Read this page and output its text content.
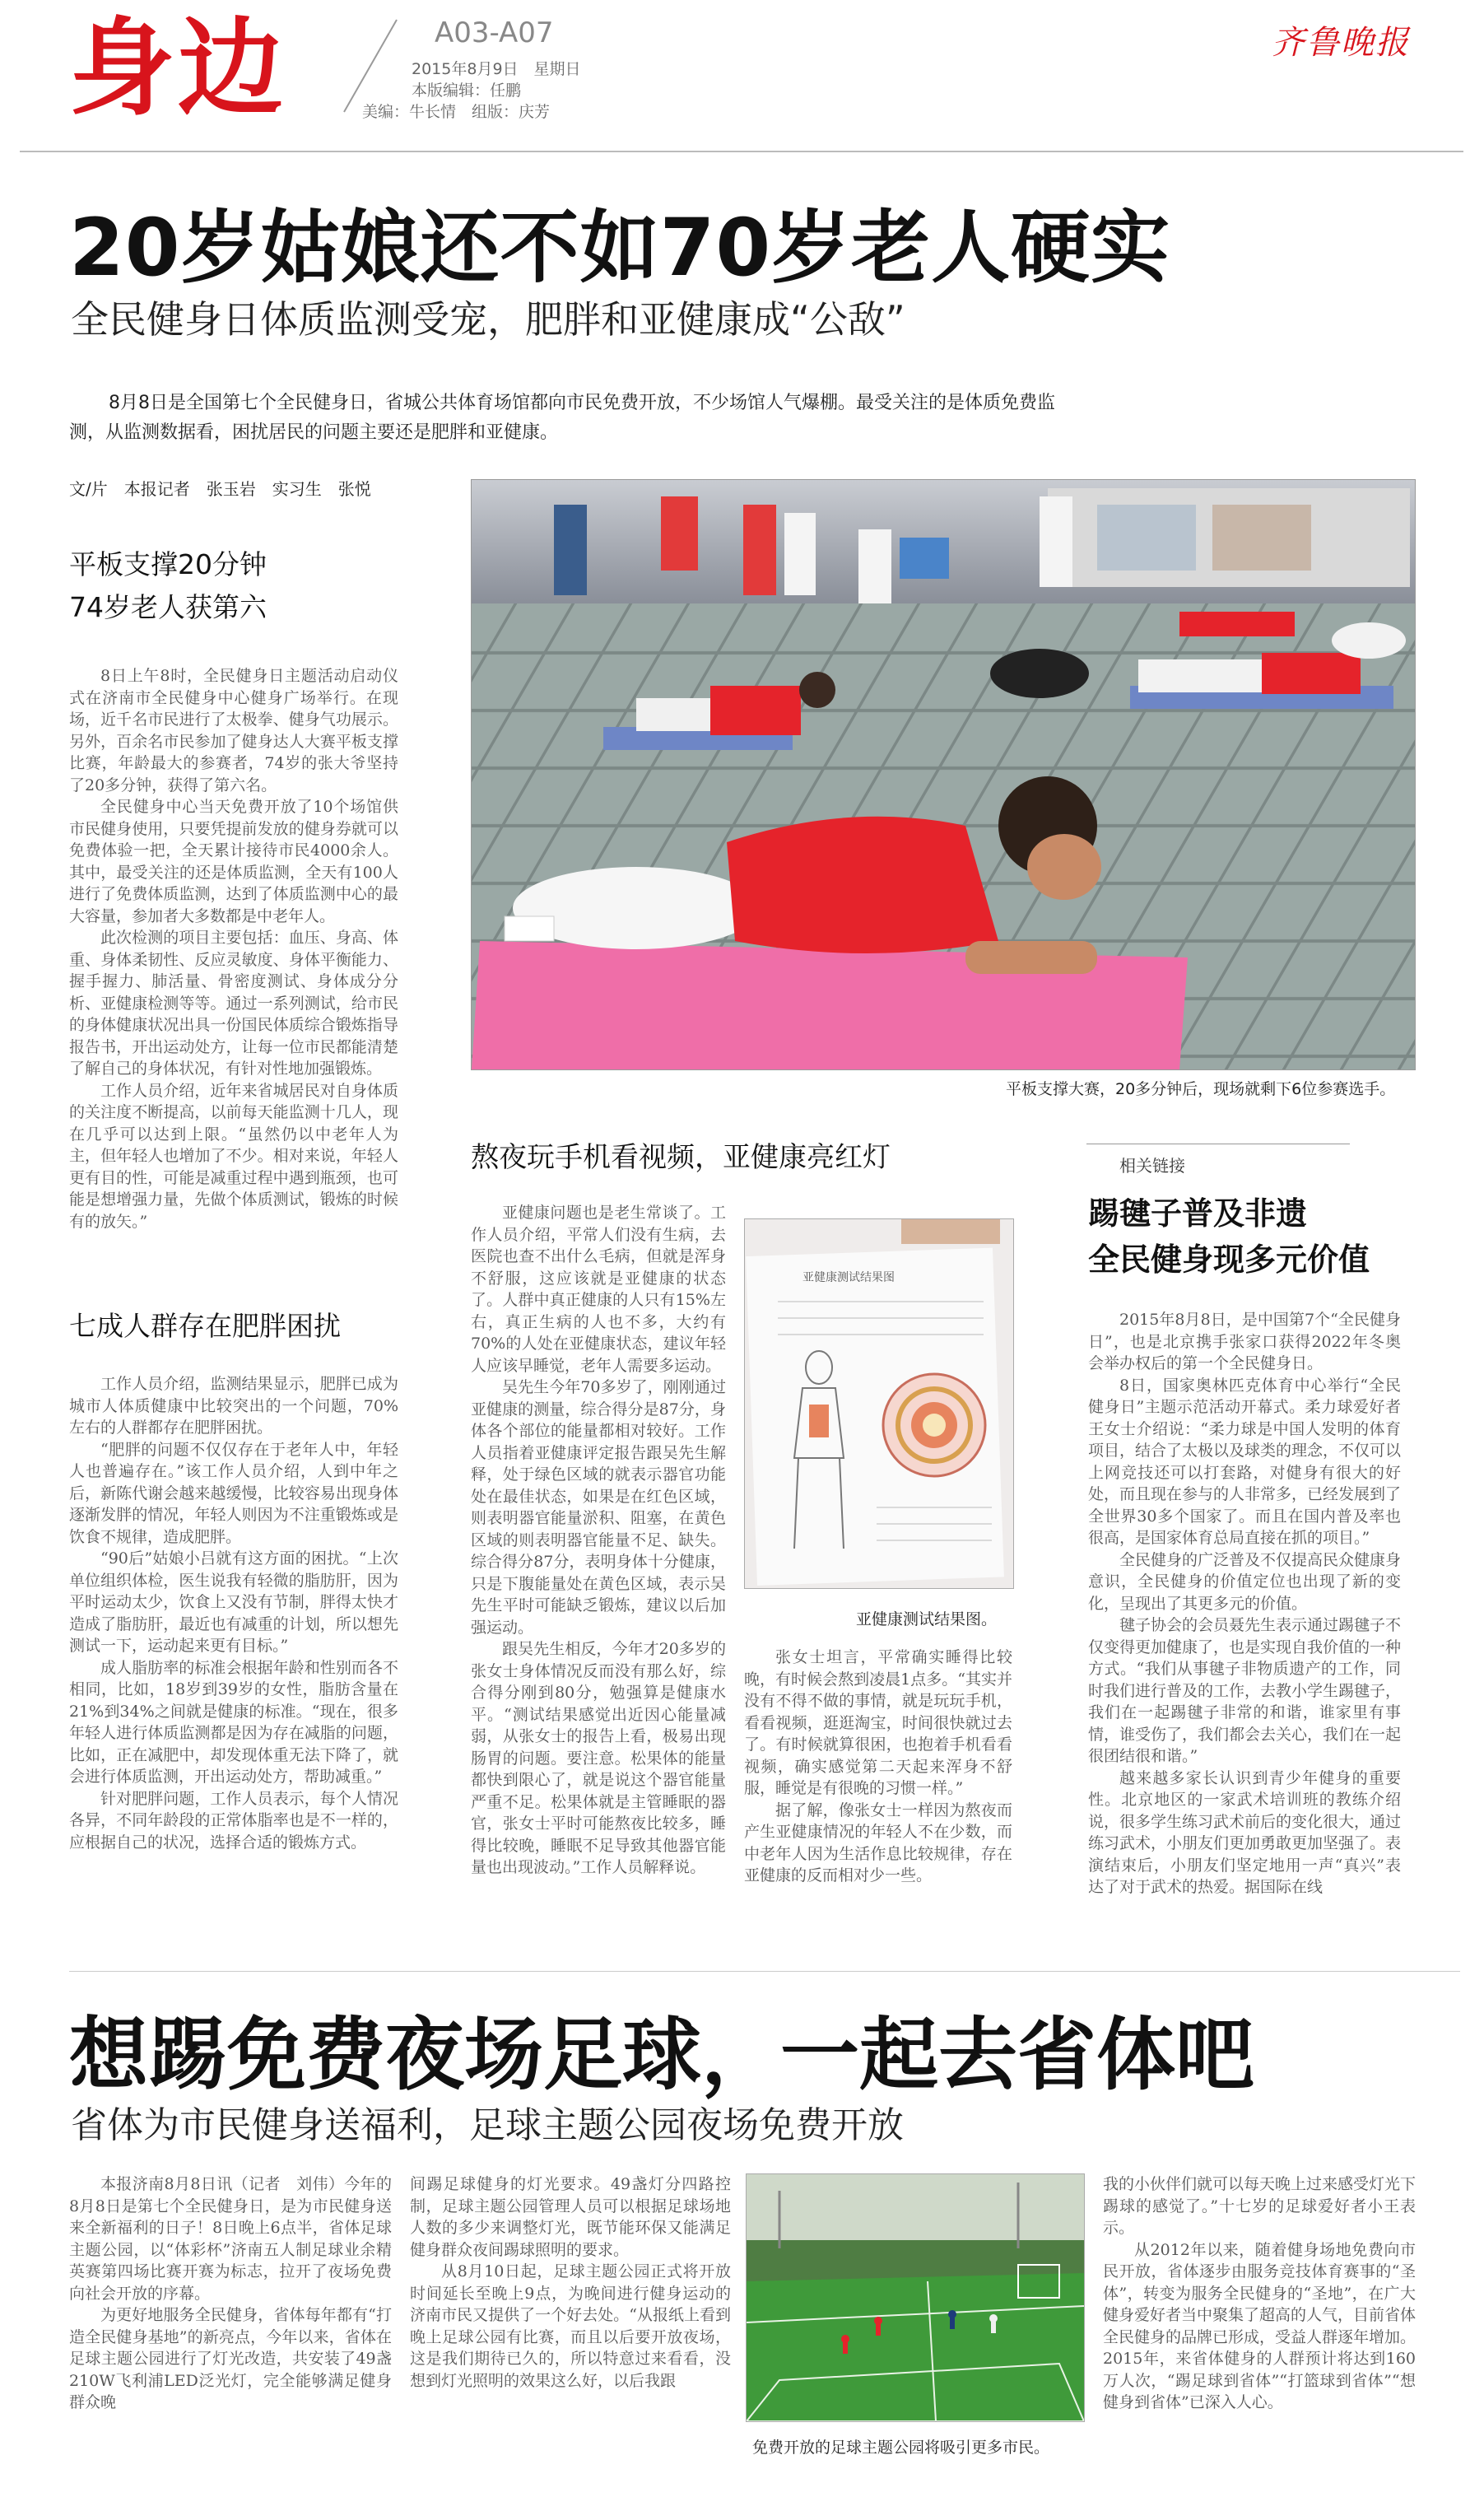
身边	A03-A07
2015年8月9日　星期日
本版编辑：任鹏
美编：牛长情　组版：庆芳
齐鲁晚报
20岁姑娘还不如70岁老人硬实
全民健身日体质监测受宠，肥胖和亚健康成“公敌”
8月8日是全国第七个全民健身日，省城公共体育场馆都向市民免费开放，不少场馆人气爆棚。最受关注的是体质免费监测，从监测数据看，困扰居民的问题主要还是肥胖和亚健康。
文/片　本报记者　张玉岩　实习生　张悦
平板支撑20分钟
74岁老人获第六

8日上午8时，全民健身日主题活动启动仪式在济南市全民健身中心健身广场举行。在现场，近千名市民进行了太极拳、健身气功展示。另外，百余名市民参加了健身达人大赛平板支撑比赛，年龄最大的参赛者，74岁的张大爷坚持了20多分钟，获得了第六名。

全民健身中心当天免费开放了10个场馆供市民健身使用，只要凭提前发放的健身券就可以免费体验一把，全天累计接待市民4000余人。其中，最受关注的还是体质监测，全天有100人进行了免费体质监测，达到了体质监测中心的最大容量，参加者大多数都是中老年人。

此次检测的项目主要包括：血压、身高、体重、身体柔韧性、反应灵敏度、身体平衡能力、握手握力、肺活量、骨密度测试、身体成分分析、亚健康检测等等。通过一系列测试，给市民的身体健康状况出具一份国民体质综合锻炼指导报告书，开出运动处方，让每一位市民都能清楚了解自己的身体状况，有针对性地加强锻炼。

工作人员介绍，近年来省城居民对自身体质的关注度不断提高，以前每天能监测十几人，现在几乎可以达到上限。“虽然仍以中老年人为主，但年轻人也增加了不少。相对来说，年轻人更有目的性，可能是减重过程中遇到瓶颈，也可能是想增强力量，先做个体质测试，锻炼的时候有的放矢。”

七成人群存在肥胖困扰

工作人员介绍，监测结果显示，肥胖已成为城市人体质健康中比较突出的一个问题，70%左右的人群都存在肥胖困扰。

“肥胖的问题不仅仅存在于老年人中，年轻人也普遍存在。”该工作人员介绍，人到中年之后，新陈代谢会越来越缓慢，比较容易出现身体逐渐发胖的情况，年轻人则因为不注重锻炼或是饮食不规律，造成肥胖。

“90后”姑娘小吕就有这方面的困扰。“上次单位组织体检，医生说我有轻微的脂肪肝，因为平时运动太少，饮食上又没有节制，胖得太快才造成了脂肪肝，最近也有减重的计划，所以想先测试一下，运动起来更有目标。”

成人脂肪率的标准会根据年龄和性别而各不相同，比如，18岁到39岁的女性，脂肪含量在21%到34%之间就是健康的标准。“现在，很多年轻人进行体质监测都是因为存在减脂的问题，比如，正在减肥中，却发现体重无法下降了，就会进行体质监测，开出运动处方，帮助减重。”

针对肥胖问题，工作人员表示，每个人情况各异，不同年龄段的正常体脂率也是不一样的，应根据自己的状况，选择合适的锻炼方式。

平板支撑大赛，20多分钟后，现场就剩下6位参赛选手。
熬夜玩手机看视频，亚健康亮红灯

亚健康问题也是老生常谈了。工作人员介绍，平常人们没有生病，去医院也查不出什么毛病，但就是浑身不舒服，这应该就是亚健康的状态了。人群中真正健康的人只有15%左右，真正生病的人也不多，大约有70%的人处在亚健康状态，建议年轻人应该早睡觉，老年人需要多运动。

吴先生今年70多岁了，刚刚通过亚健康的测量，综合得分是87分，身体各个部位的能量都相对较好。工作人员指着亚健康评定报告跟吴先生解释，处于绿色区域的就表示器官功能处在最佳状态，如果是在红色区域，则表明器官能量淤积、阻塞，在黄色区域的则表明器官能量不足、缺失。综合得分87分，表明身体十分健康，只是下腹能量处在黄色区域，表示吴先生平时可能缺乏锻炼，建议以后加强运动。

跟吴先生相反，今年才20多岁的张女士身体情况反而没有那么好，综合得分刚到80分，勉强算是健康水平。“测试结果感觉出近因心能量减弱，从张女士的报告上看，极易出现肠胃的问题。要注意。松果体的能量都快到限心了，就是说这个器官能量严重不足。松果体就是主管睡眠的器官，张女士平时可能熬夜比较多，睡得比较晚，睡眠不足导致其他器官能量也出现波动。”工作人员解释说。

亚健康测试结果图
亚健康测试结果图。

张女士坦言，平常确实睡得比较晚，有时候会熬到凌晨1点多。“其实并没有不得不做的事情，就是玩玩手机，看看视频，逛逛淘宝，时间很快就过去了。有时候就算很困，也抱着手机看看视频，确实感觉第二天起来浑身不舒服，睡觉是有很晚的习惯一样。”

据了解，像张女士一样因为熬夜而产生亚健康情况的年轻人不在少数，而中老年人因为生活作息比较规律，存在亚健康的反而相对少一些。

相关链接
踢毽子普及非遗
全民健身现多元价值

2015年8月8日，是中国第7个“全民健身日”，也是北京携手张家口获得2022年冬奥会举办权后的第一个全民健身日。

8日，国家奥林匹克体育中心举行“全民健身日”主题示范活动开幕式。柔力球爱好者王女士介绍说：“柔力球是中国人发明的体育项目，结合了太极以及球类的理念，不仅可以上网竞技还可以打套路，对健身有很大的好处，而且现在参与的人非常多，已经发展到了全世界30多个国家了。而且在国内普及率也很高，是国家体育总局直接在抓的项目。”

全民健身的广泛普及不仅提高民众健康身意识，全民健身的价值定位也出现了新的变化，呈现出了其更多元的价值。

毽子协会的会员聂先生表示通过踢毽子不仅变得更加健康了，也是实现自我价值的一种方式。“我们从事毽子非物质遗产的工作，同时我们进行普及的工作，去教小学生踢毽子，我们在一起踢毽子非常的和谐，谁家里有事情，谁受伤了，我们都会去关心，我们在一起很团结很和谐。”

越来越多家长认识到青少年健身的重要性。北京地区的一家武术培训班的教练介绍说，很多学生练习武术前后的变化很大，通过练习武术，小朋友们更加勇敢更加坚强了。表演结束后，小朋友们坚定地用一声“真兴”表达了对于武术的热爱。据国际在线

想踢免费夜场足球，一起去省体吧
省体为市民健身送福利，足球主题公园夜场免费开放

本报济南8月8日讯（记者　刘伟）今年的8月8日是第七个全民健身日，是为市民健身送来全新福利的日子！8日晚上6点半，省体足球主题公园，以“体彩杯”济南五人制足球业余精英赛第四场比赛开赛为标志，拉开了夜场免费向社会开放的序幕。

为更好地服务全民健身，省体每年都有“打造全民健身基地”的新亮点，今年以来，省体在足球主题公园进行了灯光改造，共安装了49盏210W飞利浦LED泛光灯，完全能够满足健身群众晚

间踢足球健身的灯光要求。49盏灯分四路控制，足球主题公园管理人员可以根据足球场地人数的多少来调整灯光，既节能环保又能满足健身群众夜间踢球照明的要求。

从8月10日起，足球主题公园正式将开放时间延长至晚上9点，为晚间进行健身运动的济南市民又提供了一个好去处。“从报纸上看到晚上足球公园有比赛，而且以后要开放夜场，这是我们期待已久的，所以特意过来看看，没想到灯光照明的效果这么好，以后我跟

免费开放的足球主题公园将吸引更多市民。

我的小伙伴们就可以每天晚上过来感受灯光下踢球的感觉了。”十七岁的足球爱好者小王表示。

从2012年以来，随着健身场地免费向市民开放，省体逐步由服务竞技体育赛事的“圣体”，转变为服务全民健身的“圣地”，在广大健身爱好者当中聚集了超高的人气，目前省体全民健身的品牌已形成，受益人群逐年增加。2015年，来省体健身的人群预计将达到160万人次，“踢足球到省体”“打篮球到省体”“想健身到省体”已深入人心。
